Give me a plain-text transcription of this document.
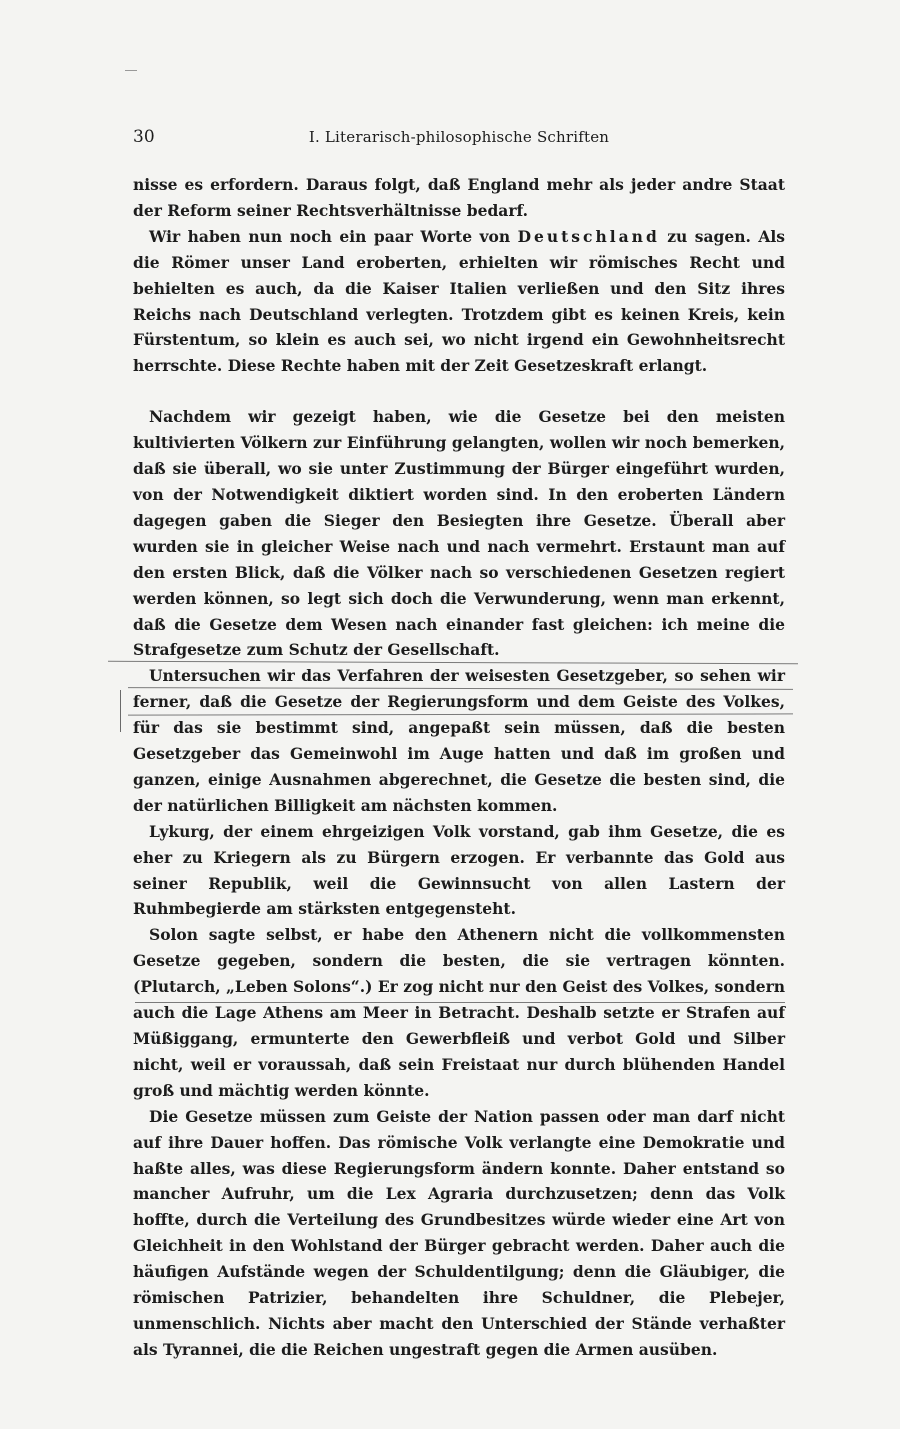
30	I. Literarisch-philosophische Schriften

nisse es erfordern. Daraus folgt, daß England mehr als jeder andre Staat der Reform seiner Rechtsverhältnisse bedarf.

Wir haben nun noch ein paar Worte von Deutschland zu sagen. Als die Römer unser Land eroberten, erhielten wir römisches Recht und behielten es auch, da die Kaiser Italien verließen und den Sitz ihres Reichs nach Deutschland verlegten. Trotzdem gibt es keinen Kreis, kein Fürstentum, so klein es auch sei, wo nicht irgend ein Gewohnheitsrecht herrschte. Diese Rechte haben mit der Zeit Gesetzeskraft erlangt.

Nachdem wir gezeigt haben, wie die Gesetze bei den meisten kultivierten Völkern zur Einführung gelangten, wollen wir noch bemerken, daß sie überall, wo sie unter Zustimmung der Bürger eingeführt wurden, von der Notwendigkeit diktiert worden sind. In den eroberten Ländern dagegen gaben die Sieger den Besiegten ihre Gesetze. Überall aber wurden sie in gleicher Weise nach und nach vermehrt. Erstaunt man auf den ersten Blick, daß die Völker nach so verschiedenen Gesetzen regiert werden können, so legt sich doch die Verwunderung, wenn man erkennt, daß die Gesetze dem Wesen nach einander fast gleichen: ich meine die Strafgesetze zum Schutz der Gesellschaft.

Untersuchen wir das Verfahren der weisesten Gesetzgeber, so sehen wir ferner, daß die Gesetze der Regierungsform und dem Geiste des Volkes, für das sie bestimmt sind, angepaßt sein müssen, daß die besten Gesetzgeber das Gemeinwohl im Auge hatten und daß im großen und ganzen, einige Ausnahmen abgerechnet, die Gesetze die besten sind, die der natürlichen Billigkeit am nächsten kommen.

Lykurg, der einem ehrgeizigen Volk vorstand, gab ihm Gesetze, die es eher zu Kriegern als zu Bürgern erzogen. Er verbannte das Gold aus seiner Republik, weil die Gewinnsucht von allen Lastern der Ruhmbegierde am stärksten entgegensteht.

Solon sagte selbst, er habe den Athenern nicht die vollkommensten Gesetze gegeben, sondern die besten, die sie vertragen könnten. (Plutarch, „Leben Solons“.) Er zog nicht nur den Geist des Volkes, sondern auch die Lage Athens am Meer in Betracht. Deshalb setzte er Strafen auf Müßiggang, ermunterte den Gewerbfleiß und verbot Gold und Silber nicht, weil er voraussah, daß sein Freistaat nur durch blühenden Handel groß und mächtig werden könnte.

Die Gesetze müssen zum Geiste der Nation passen oder man darf nicht auf ihre Dauer hoffen. Das römische Volk verlangte eine Demokratie und haßte alles, was diese Regierungsform ändern konnte. Daher entstand so mancher Aufruhr, um die Lex Agraria durchzusetzen; denn das Volk hoffte, durch die Verteilung des Grundbesitzes würde wieder eine Art von Gleichheit in den Wohlstand der Bürger gebracht werden. Daher auch die häufigen Aufstände wegen der Schuldentilgung; denn die Gläubiger, die römischen Patrizier, behandelten ihre Schuldner, die Plebejer, unmenschlich. Nichts aber macht den Unterschied der Stände verhaßter als Tyrannei, die die Reichen ungestraft gegen die Armen ausüben.
